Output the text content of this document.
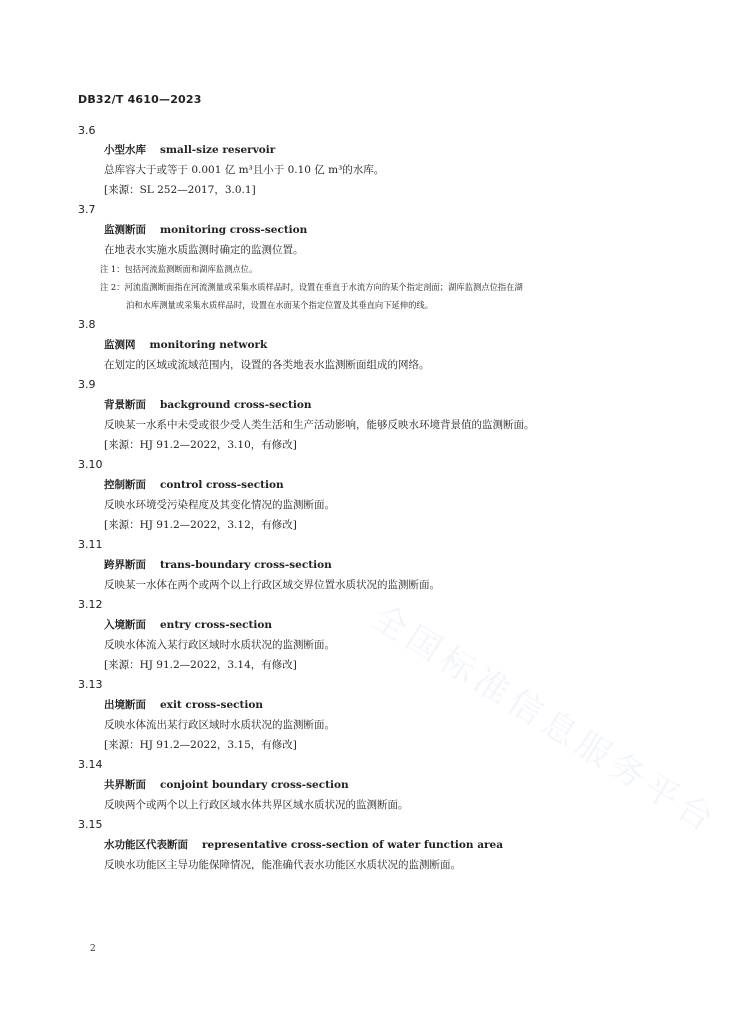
DB32/T 4610—2023
全国标准信息服务平台
3.6
小型水库 small-size reservoir
总库容大于或等于 0.001 亿 m³且小于 0.10 亿 m³的水库。
[来源：SL 252—2017，3.0.1]
3.7
监测断面 monitoring cross-section
在地表水实施水质监测时确定的监测位置。
注 1：包括河流监测断面和湖库监测点位。
注 2：河流监测断面指在河流测量或采集水质样品时，设置在垂直于水流方向的某个指定剖面；湖库监测点位指在湖
泊和水库测量或采集水质样品时，设置在水面某个指定位置及其垂直向下延伸的线。
3.8
监测网 monitoring network
在划定的区域或流域范围内，设置的各类地表水监测断面组成的网络。
3.9
背景断面 background cross-section
反映某一水系中未受或很少受人类生活和生产活动影响，能够反映水环境背景值的监测断面。
[来源：HJ 91.2—2022，3.10，有修改]
3.10
控制断面 control cross-section
反映水环境受污染程度及其变化情况的监测断面。
[来源：HJ 91.2—2022，3.12，有修改]
3.11
跨界断面 trans-boundary cross-section
反映某一水体在两个或两个以上行政区域交界位置水质状况的监测断面。
3.12
入境断面 entry cross-section
反映水体流入某行政区域时水质状况的监测断面。
[来源：HJ 91.2—2022，3.14，有修改]
3.13
出境断面 exit cross-section
反映水体流出某行政区域时水质状况的监测断面。
[来源：HJ 91.2—2022，3.15，有修改]
3.14
共界断面 conjoint boundary cross-section
反映两个或两个以上行政区域水体共界区域水质状况的监测断面。
3.15
水功能区代表断面 representative cross-section of water function area
反映水功能区主导功能保障情况，能准确代表水功能区水质状况的监测断面。
2
